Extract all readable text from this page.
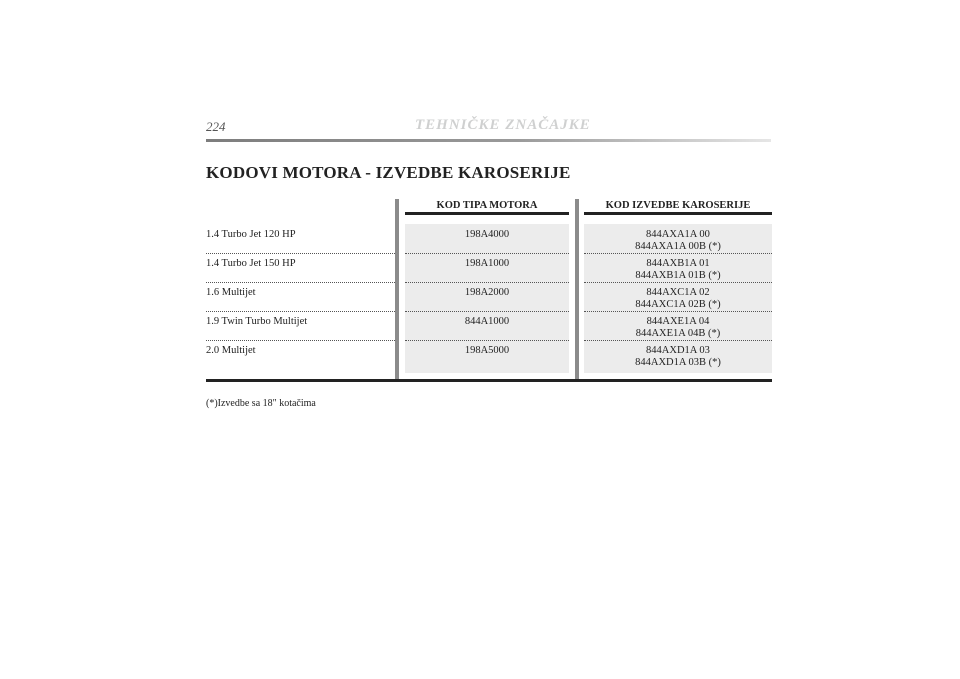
224	TEHNIČKE ZNAČAJKE
KODOVI MOTORA - IZVEDBE KAROSERIJE
KOD TIPA MOTORA	KOD IZVEDBE KAROSERIJE
1.4 Turbo Jet 120 HP	198A4000	844AXA1A 00
844AXA1A 00B (*)
1.4 Turbo Jet 150 HP	198A1000	844AXB1A 01
844AXB1A 01B (*)
1.6 Multijet	198A2000	844AXC1A 02
844AXC1A 02B (*)
1.9 Twin Turbo Multijet	844A1000	844AXE1A 04
844AXE1A 04B (*)
2.0 Multijet	198A5000	844AXD1A 03
844AXD1A 03B (*)
(*)Izvedbe sa 18" kotačima
